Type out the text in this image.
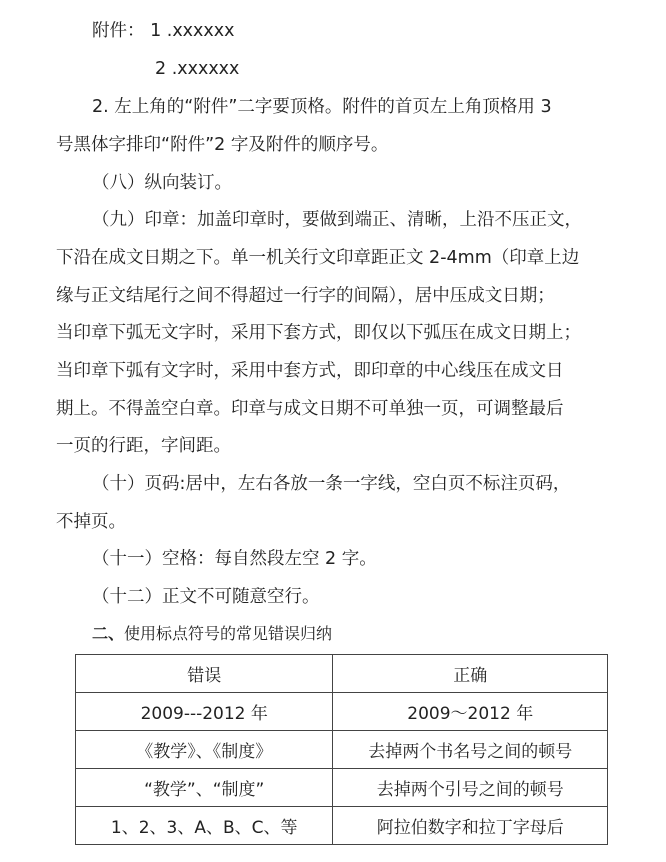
附件： 1 .xxxxxx
2 .xxxxxx
2. 左上角的“附件”二字要顶格。附件的首页左上角顶格用 3
号黑体字排印“附件”2 字及附件的顺序号。
（八）纵向装订。
（九）印章：加盖印章时，要做到端正、清晰，上沿不压正文，
下沿在成文日期之下。单一机关行文印章距正文 2-4mm（印章上边
缘与正文结尾行之间不得超过一行字的间隔），居中压成文日期；
当印章下弧无文字时，采用下套方式，即仅以下弧压在成文日期上；
当印章下弧有文字时，采用中套方式，即印章的中心线压在成文日
期上。不得盖空白章。印章与成文日期不可单独一页，可调整最后
一页的行距，字间距。
（十）页码:居中，左右各放一条一字线，空白页不标注页码，
不掉页。
（十一）空格：每自然段左空 2 字。
（十二）正文不可随意空行。
二、使用标点符号的常见错误归纳
错误	正确
2009---2012 年	2009～2012 年
《教学》、《制度》	去掉两个书名号之间的顿号
“教学”、“制度”	去掉两个引号之间的顿号
1、2、3、A、B、C、等	阿拉伯数字和拉丁字母后
